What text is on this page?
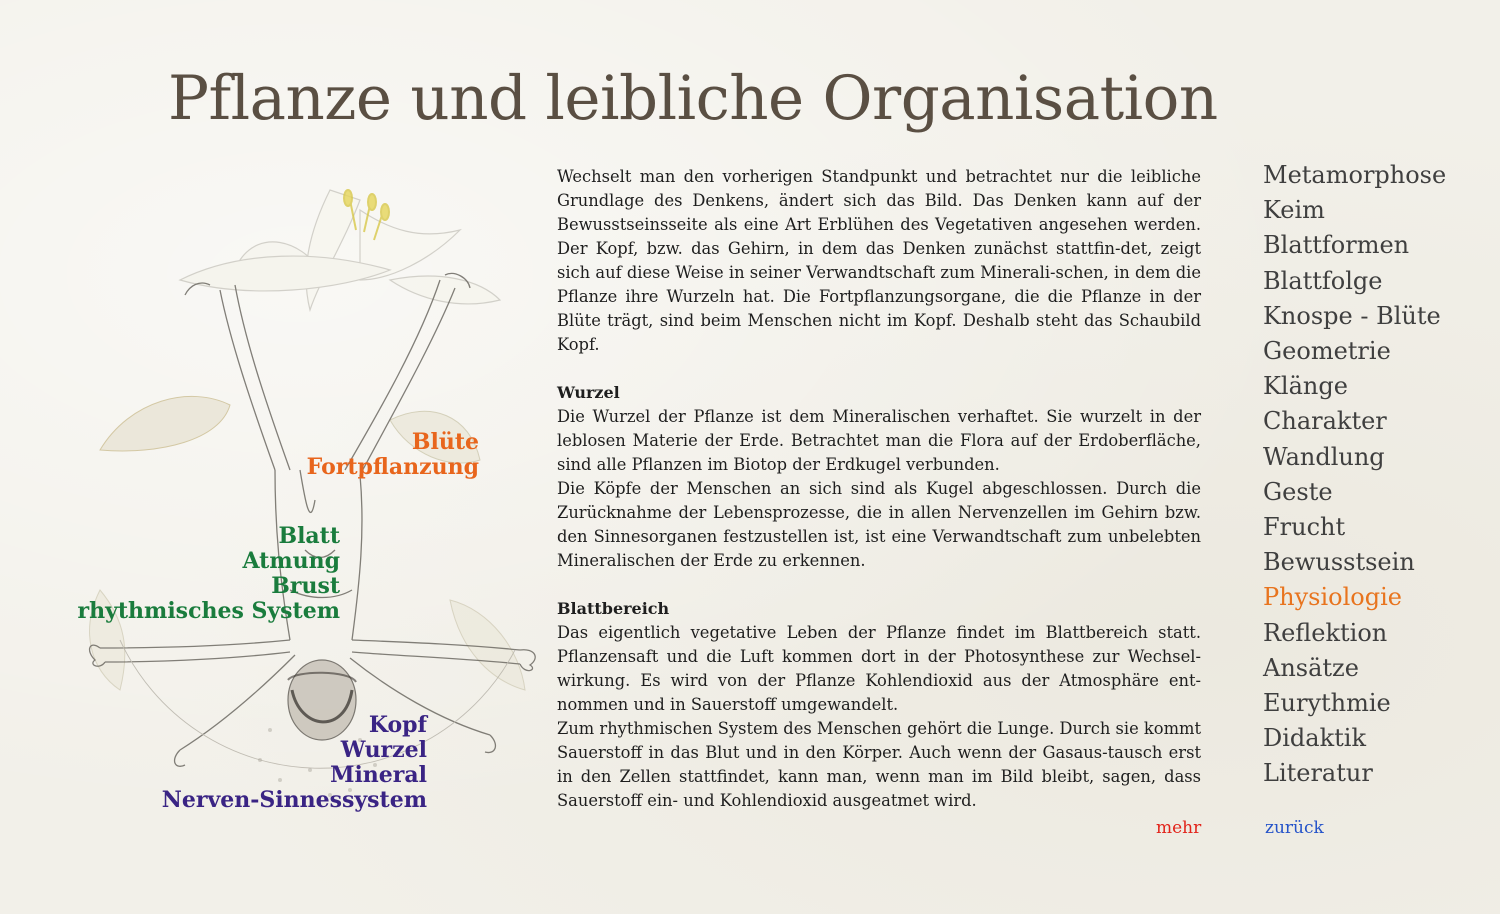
Pflanze und leibliche Organisation
Blüte
Fortpflanzung
Blatt
Atmung
Brust
rhythmisches System
Kopf
Wurzel
Mineral
Nerven-Sinnessystem

Wechselt man den vorherigen Standpunkt und betrachtet nur die leibliche Grundlage des Denkens, ändert sich das Bild. Das Denken kann auf der Bewusstseinsseite als eine Art Erblühen des Vegetativen angesehen werden. Der Kopf, bzw. das Gehirn, in dem das Denken zunächst stattfin-det, zeigt sich auf diese Weise in seiner Verwandtschaft zum Minerali-schen, in dem die Pflanze ihre Wurzeln hat. Die Fortpflanzungsorgane, die die Pflanze in der Blüte trägt, sind beim Menschen nicht im Kopf. Deshalb steht das Schaubild Kopf.

Wurzel

Die Wurzel der Pflanze ist dem Mineralischen verhaftet. Sie wurzelt in der leblosen Materie der Erde. Betrachtet man die Flora auf der Erdoberfläche, sind alle Pflanzen im Biotop der Erdkugel verbunden.

Die Köpfe der Menschen an sich sind als Kugel abgeschlossen. Durch die Zurücknahme der Lebensprozesse, die in allen Nervenzellen im Gehirn bzw. den Sinnesorganen festzustellen ist, ist eine Verwandtschaft zum unbelebten Mineralischen der Erde zu erkennen.

Blattbereich

Das eigentlich vegetative Leben der Pflanze findet im Blattbereich statt. Pflanzensaft und die Luft kommen dort in der Photosynthese zur Wechsel-wirkung. Es wird von der Pflanze Kohlendioxid aus der Atmosphäre ent-nommen und in Sauerstoff umgewandelt.

Zum rhythmischen System des Menschen gehört die Lunge. Durch sie kommt Sauerstoff in das Blut und in den Körper. Auch wenn der Gasaus-tausch erst in den Zellen stattfindet, kann man, wenn man im Bild bleibt, sagen, dass Sauerstoff ein- und Kohlendioxid ausgeatmet wird.

Metamorphose
Keim
Blattformen
Blattfolge
Knospe - Blüte
Geometrie
Klänge
Charakter
Wandlung
Geste
Frucht
Bewusstsein
Physiologie
Reflektion
Ansätze
Eurythmie
Didaktik
Literatur
mehr	zurück
